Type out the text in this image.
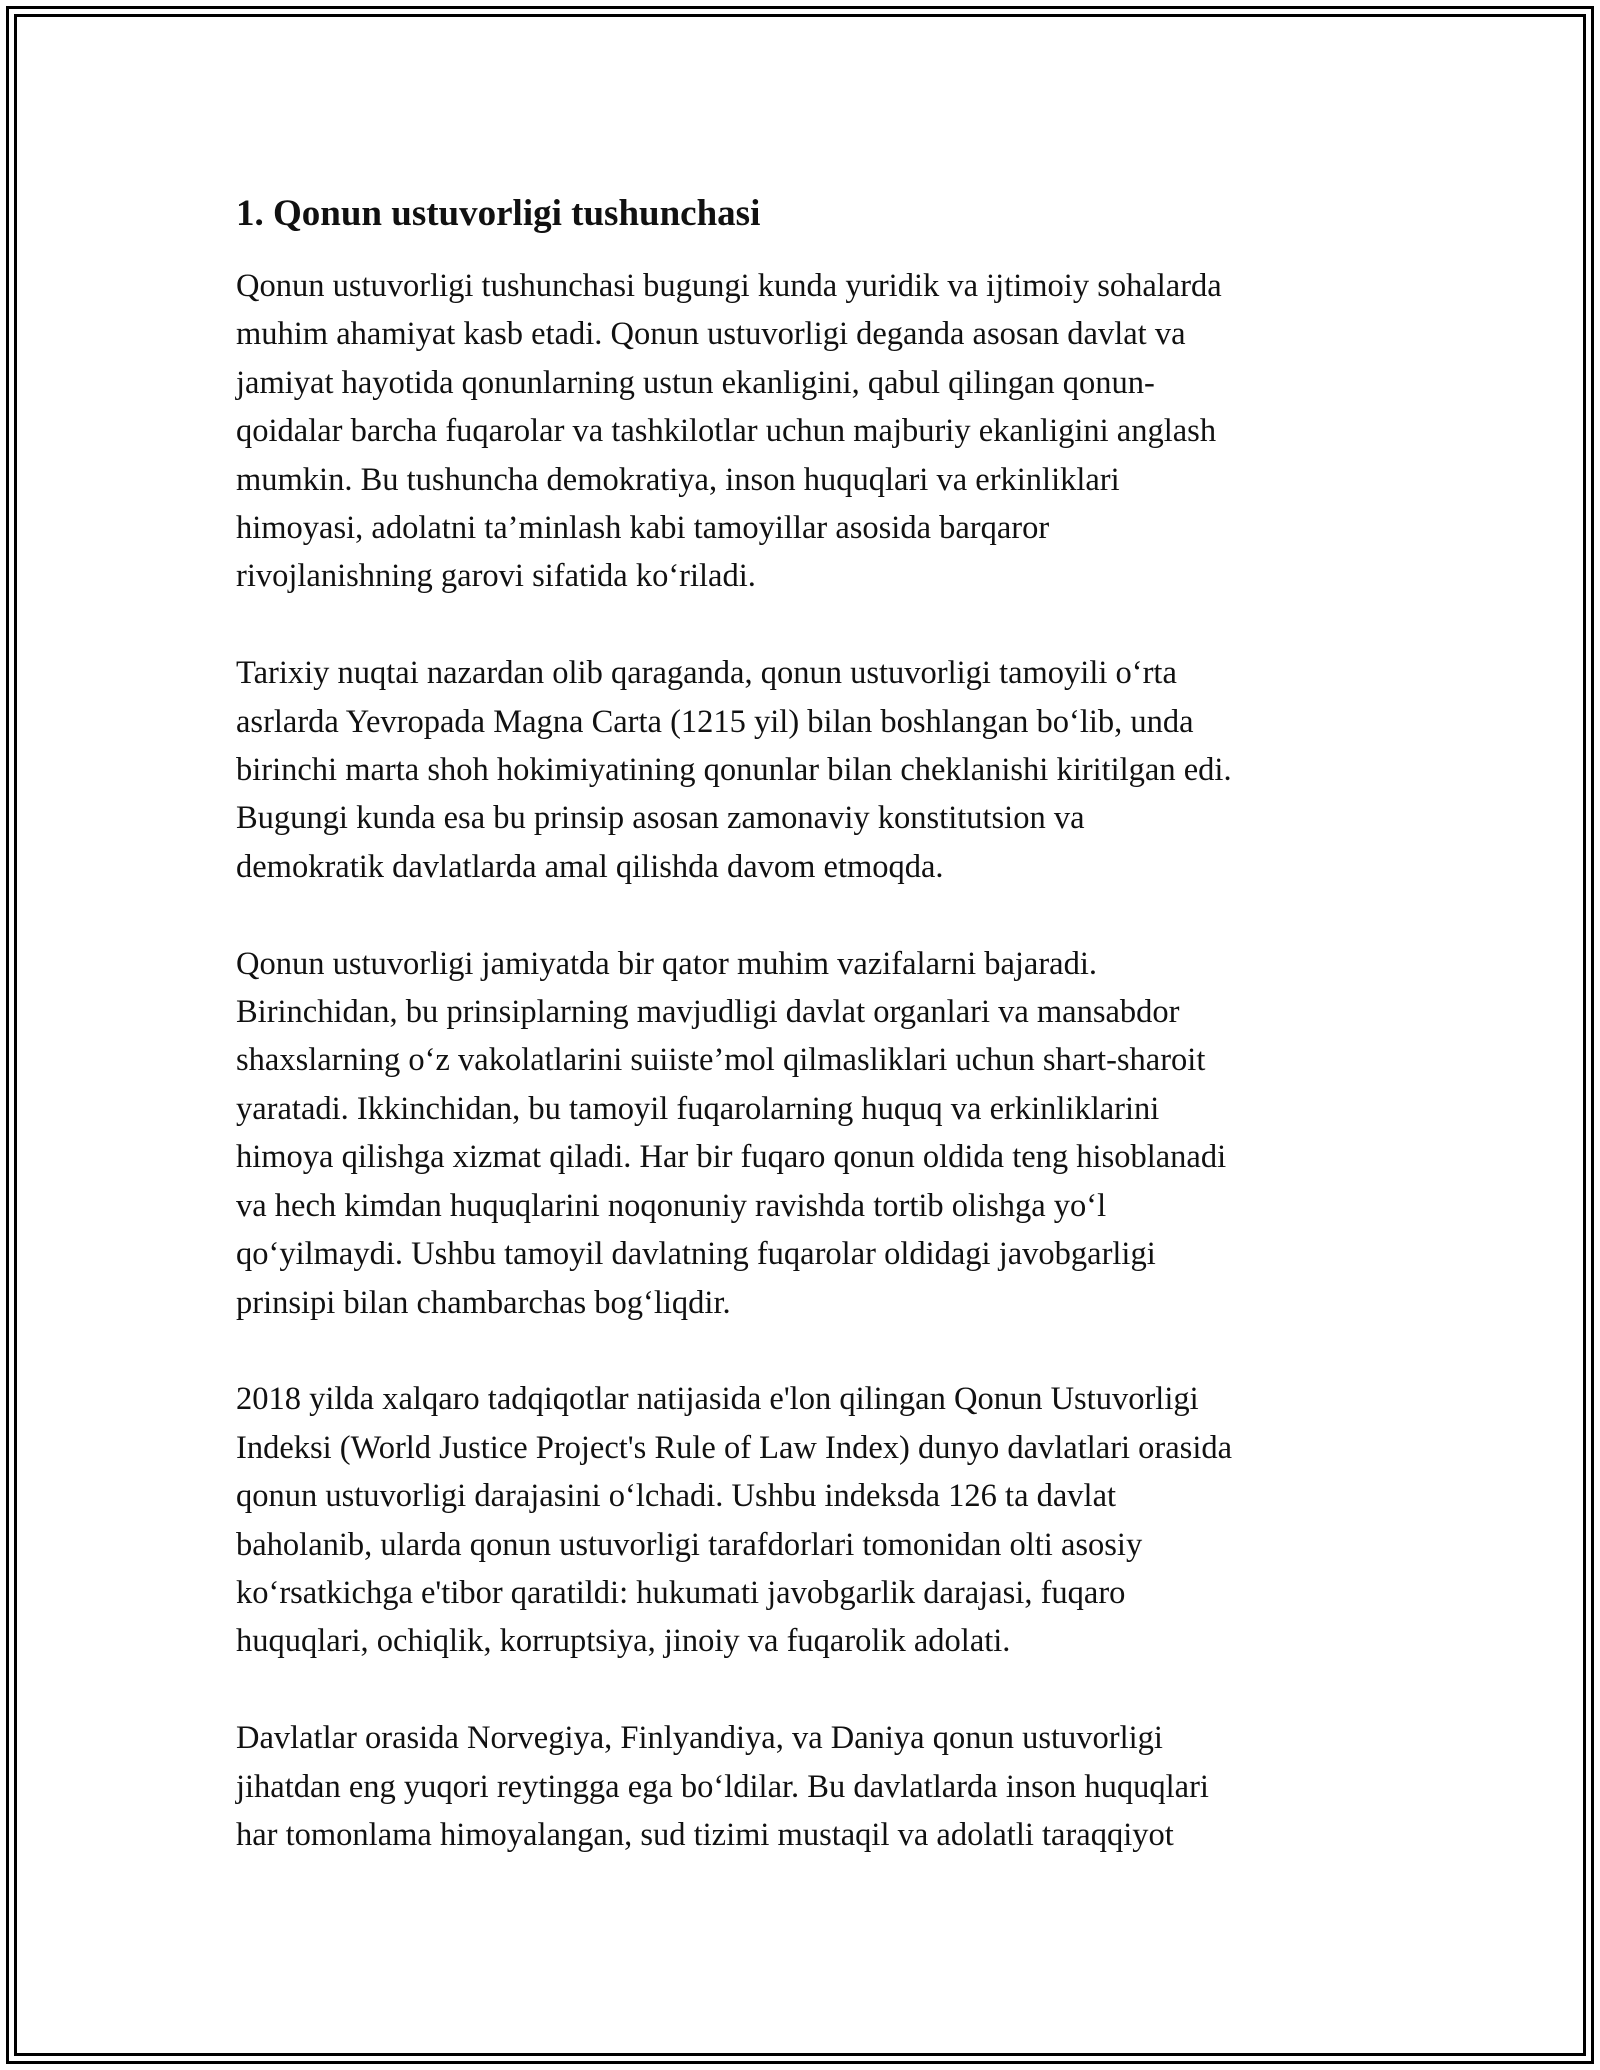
1. Qonun ustuvorligi tushunchasi
Qonun ustuvorligi tushunchasi bugungi kunda yuridik va ijtimoiy sohalarda
muhim ahamiyat kasb etadi. Qonun ustuvorligi deganda asosan davlat va
jamiyat hayotida qonunlarning ustun ekanligini, qabul qilingan qonun-
qoidalar barcha fuqarolar va tashkilotlar uchun majburiy ekanligini anglash
mumkin. Bu tushuncha demokratiya, inson huquqlari va erkinliklari
himoyasi, adolatni ta’minlash kabi tamoyillar asosida barqaror
rivojlanishning garovi sifatida ko‘riladi.
Tarixiy nuqtai nazardan olib qaraganda, qonun ustuvorligi tamoyili o‘rta
asrlarda Yevropada Magna Carta (1215 yil) bilan boshlangan bo‘lib, unda
birinchi marta shoh hokimiyatining qonunlar bilan cheklanishi kiritilgan edi.
Bugungi kunda esa bu prinsip asosan zamonaviy konstitutsion va
demokratik davlatlarda amal qilishda davom etmoqda.
Qonun ustuvorligi jamiyatda bir qator muhim vazifalarni bajaradi.
Birinchidan, bu prinsiplarning mavjudligi davlat organlari va mansabdor
shaxslarning o‘z vakolatlarini suiiste’mol qilmasliklari uchun shart-sharoit
yaratadi. Ikkinchidan, bu tamoyil fuqarolarning huquq va erkinliklarini
himoya qilishga xizmat qiladi. Har bir fuqaro qonun oldida teng hisoblanadi
va hech kimdan huquqlarini noqonuniy ravishda tortib olishga yo‘l
qo‘yilmaydi. Ushbu tamoyil davlatning fuqarolar oldidagi javobgarligi
prinsipi bilan chambarchas bog‘liqdir.
2018 yilda xalqaro tadqiqotlar natijasida e'lon qilingan Qonun Ustuvorligi
Indeksi (World Justice Project's Rule of Law Index) dunyo davlatlari orasida
qonun ustuvorligi darajasini o‘lchadi. Ushbu indeksda 126 ta davlat
baholanib, ularda qonun ustuvorligi tarafdorlari tomonidan olti asosiy
ko‘rsatkichga e'tibor qaratildi: hukumati javobgarlik darajasi, fuqaro
huquqlari, ochiqlik, korruptsiya, jinoiy va fuqarolik adolati.
Davlatlar orasida Norvegiya, Finlyandiya, va Daniya qonun ustuvorligi
jihatdan eng yuqori reytingga ega bo‘ldilar. Bu davlatlarda inson huquqlari
har tomonlama himoyalangan, sud tizimi mustaqil va adolatli taraqqiyot
